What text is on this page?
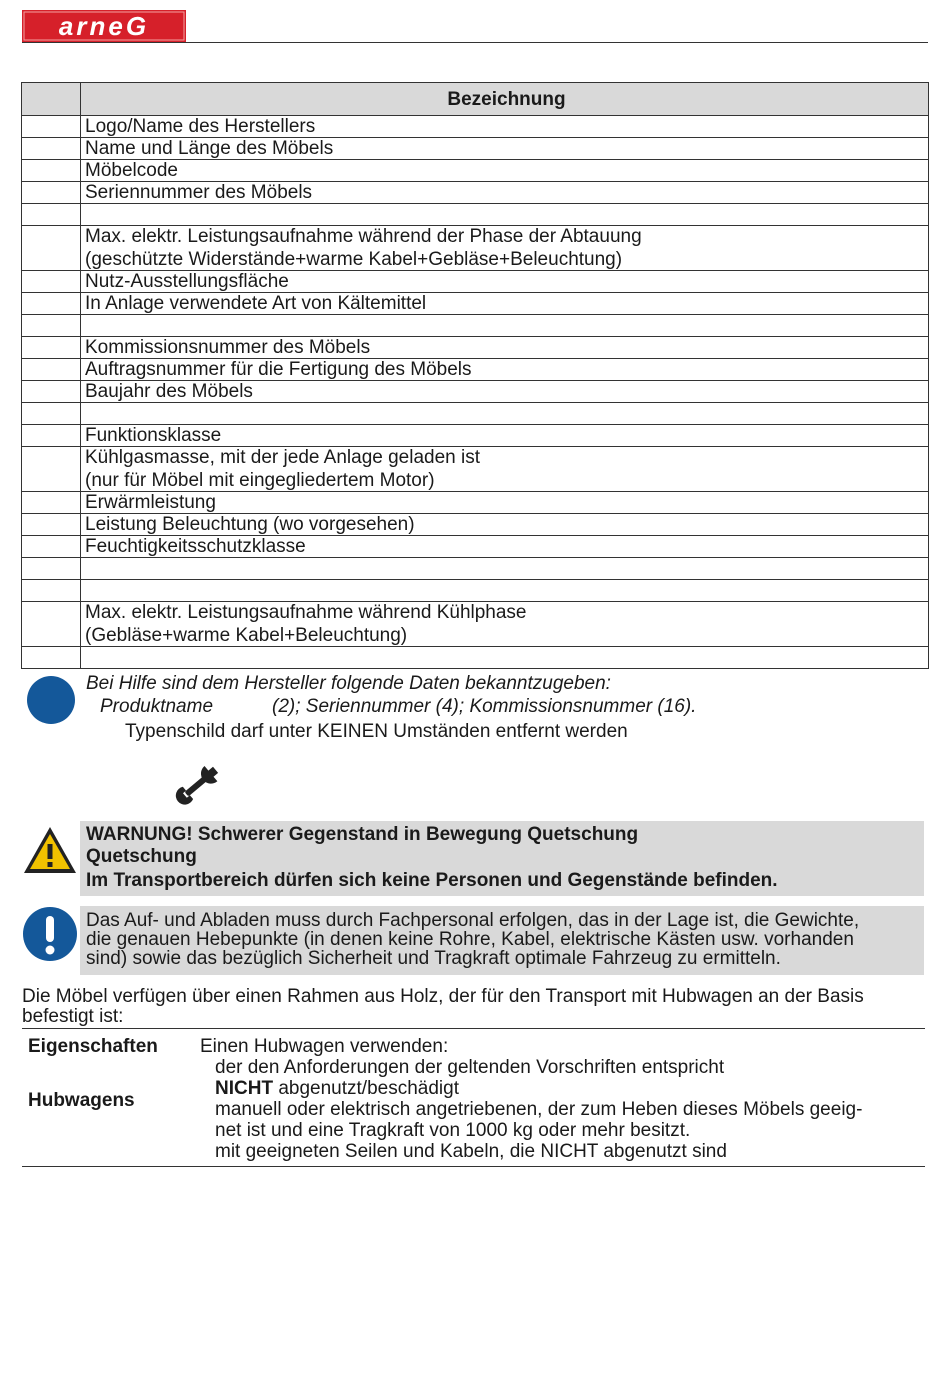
arneG
	Bezeichnung

	Logo/Name des Herstellers

	Name und Länge des Möbels

	Möbelcode

	Seriennummer des Möbels

	Max. elektr. Leistungsaufnahme während der Phase der Abtauung
(geschützte Widerstände+warme Kabel+Gebläse+Beleuchtung)

	Nutz-Ausstellungsfläche

	In Anlage verwendete Art von Kältemittel

	Kommissionsnummer des Möbels

	Auftragsnummer für die Fertigung des Möbels

	Baujahr des Möbels

	Funktionsklasse

	Kühlgasmasse, mit der jede Anlage geladen ist
(nur für Möbel mit eingegliedertem Motor)

	Erwärmleistung

	Leistung Beleuchtung (wo vorgesehen)

	Feuchtigkeitsschutzklasse

	Max. elektr. Leistungsaufnahme während Kühlphase
(Gebläse+warme Kabel+Beleuchtung)

Bei Hilfe sind dem Hersteller folgende Daten bekanntzugeben:
Produktname	(2); Seriennummer (4); Kommissionsnummer (16).
Typenschild darf unter KEINEN Umständen entfernt werden
WARNUNG! Schwerer Gegenstand in Bewegung Quetschung
Quetschung
Im Transportbereich dürfen sich keine Personen und Gegenstände befinden.
Das Auf- und Abladen muss durch Fachpersonal erfolgen, das in der Lage ist, die Gewichte,
die genauen Hebepunkte (in denen keine Rohre, Kabel, elektrische Kästen usw. vorhanden
sind) sowie das bezüglich Sicherheit und Tragkraft optimale Fahrzeug zu ermitteln.
Die Möbel verfügen über einen Rahmen aus Holz, der für den Transport mit Hubwagen an der Basis
befestigt ist:
Eigenschaften
Hubwagens
Einen Hubwagen verwenden:
der den Anforderungen der geltenden Vorschriften entspricht
NICHT abgenutzt/beschädigt
manuell oder elektrisch angetriebenen, der zum Heben dieses Möbels geeig-
net ist und eine Tragkraft von 1000 kg oder mehr besitzt.
mit geeigneten Seilen und Kabeln, die NICHT abgenutzt sind
